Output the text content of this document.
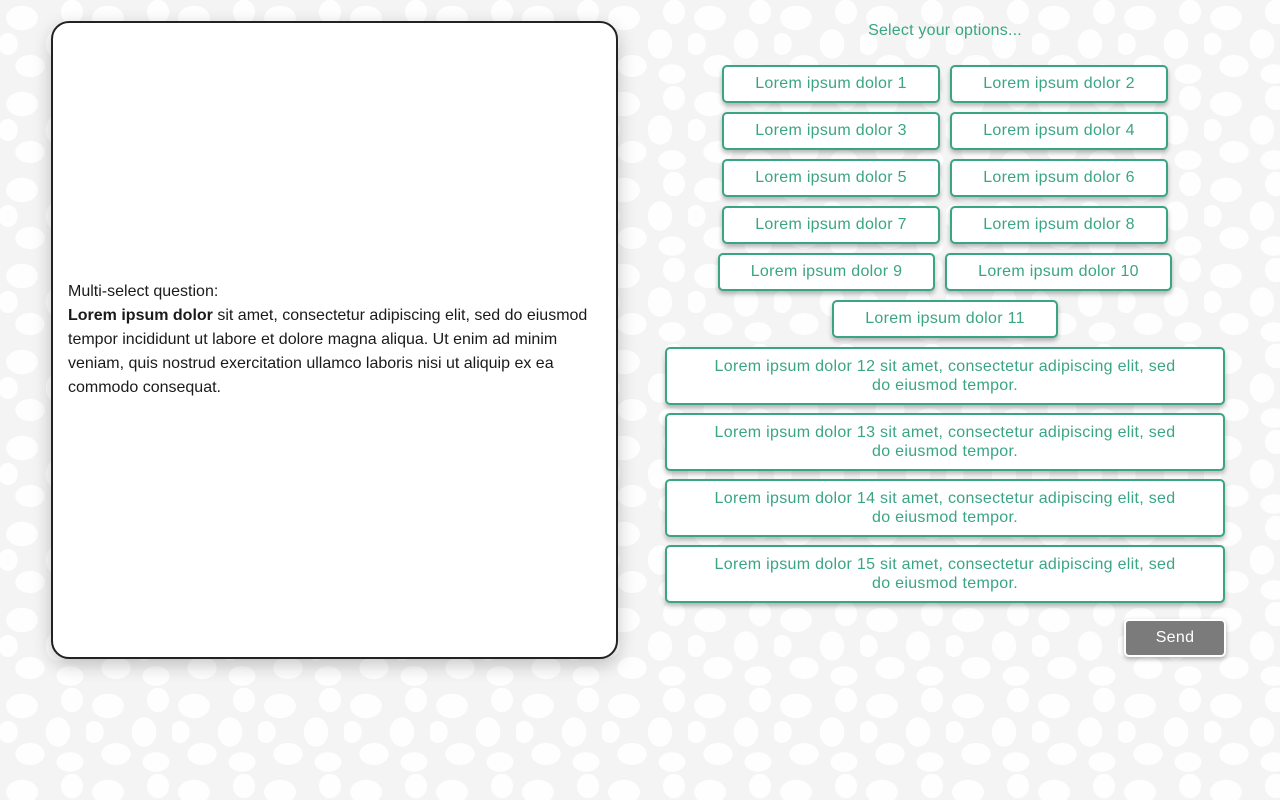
Multi-select question:
Lorem ipsum dolor sit amet, consectetur adipiscing elit, sed do eiusmod tempor incididunt ut labore et dolore magna aliqua. Ut enim ad minim veniam, quis nostrud exercitation ullamco laboris nisi ut aliquip ex ea commodo consequat.
Select your options...
Lorem ipsum dolor 1	Lorem ipsum dolor 2
Lorem ipsum dolor 3	Lorem ipsum dolor 4
Lorem ipsum dolor 5	Lorem ipsum dolor 6
Lorem ipsum dolor 7	Lorem ipsum dolor 8
Lorem ipsum dolor 9	Lorem ipsum dolor 10
Lorem ipsum dolor 11
Lorem ipsum dolor 12 sit amet, consectetur adipiscing elit, sed do eiusmod tempor.
Lorem ipsum dolor 13 sit amet, consectetur adipiscing elit, sed do eiusmod tempor.
Lorem ipsum dolor 14 sit amet, consectetur adipiscing elit, sed do eiusmod tempor.
Lorem ipsum dolor 15 sit amet, consectetur adipiscing elit, sed do eiusmod tempor.
Send
